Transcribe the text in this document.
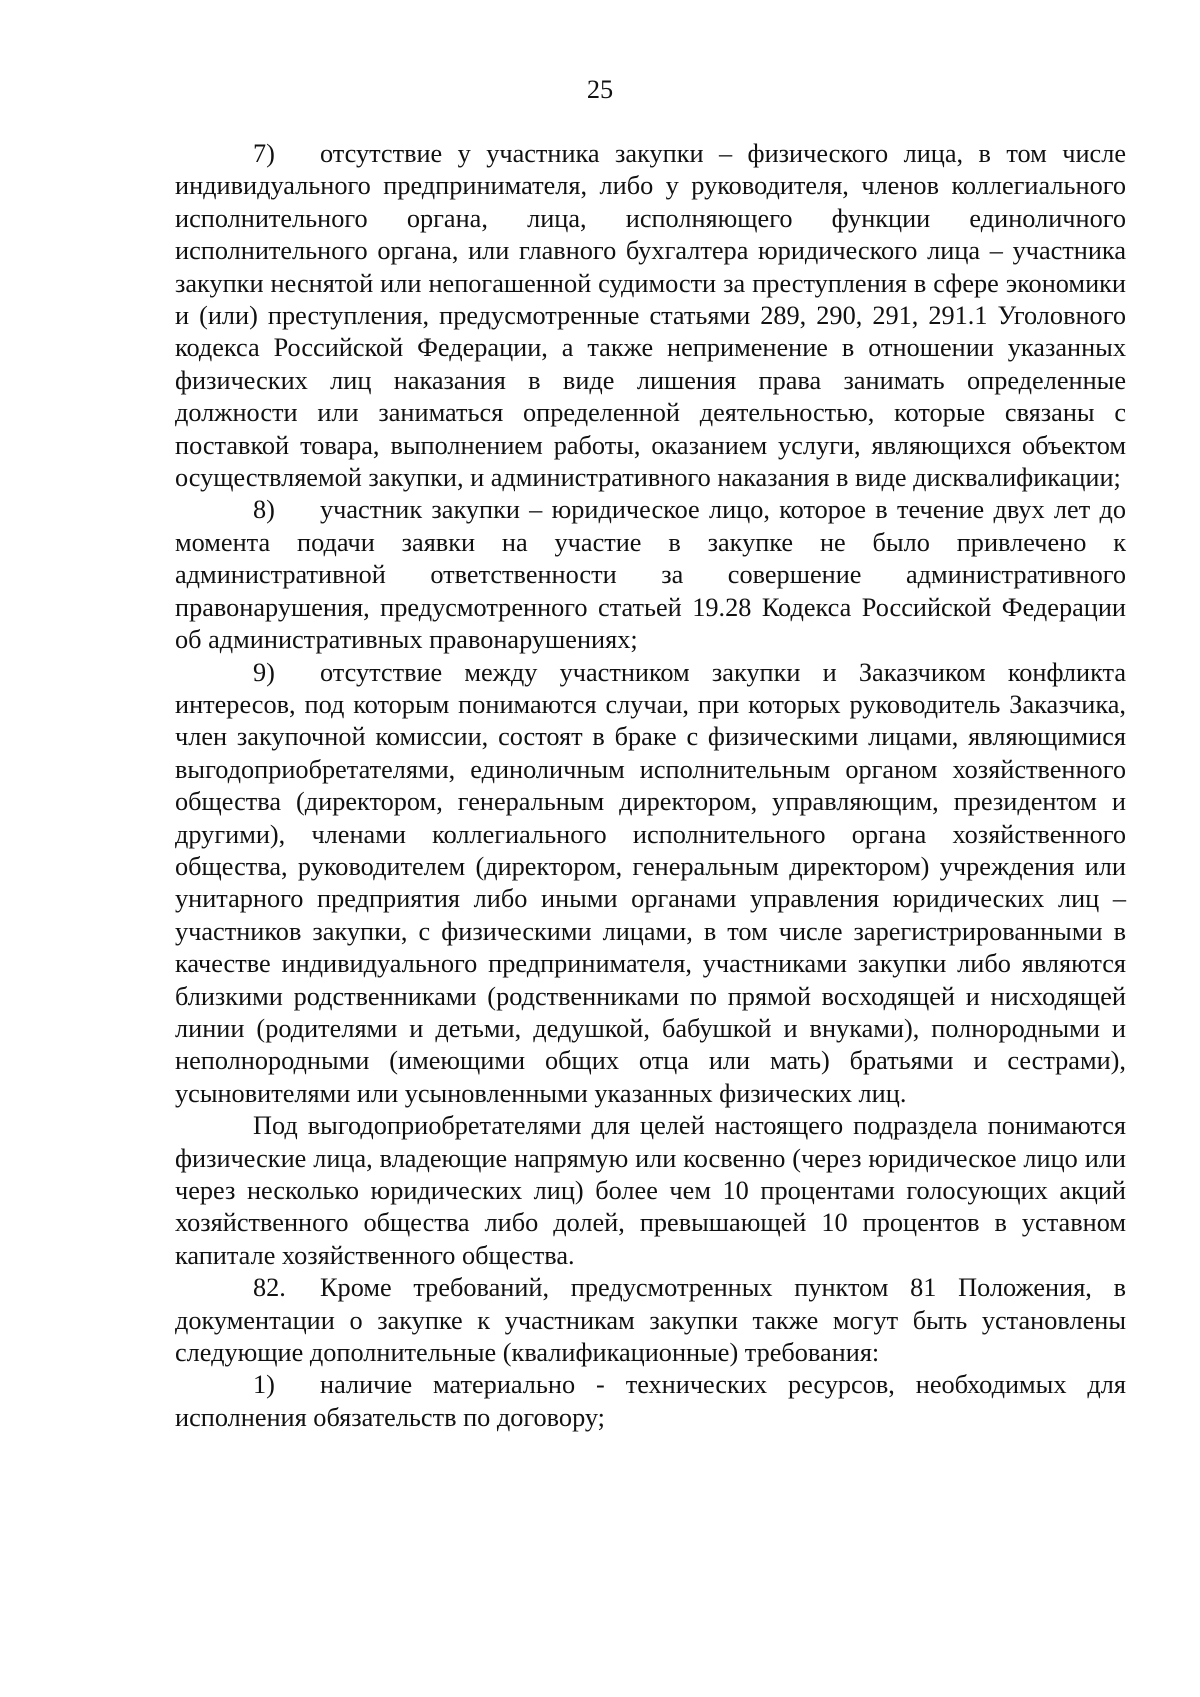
25

7) отсутствие у участника закупки – физического лица, в том числе индивидуального предпринимателя, либо у руководителя, членов коллегиального исполнительного органа, лица, исполняющего функции единоличного исполнительного органа, или главного бухгалтера юридического лица – участника закупки неснятой или непогашенной судимости за преступления в сфере экономики и (или) преступления, предусмотренные статьями 289, 290, 291, 291.1 Уголовного кодекса Российской Федерации, а также неприменение в отношении указанных физических лиц наказания в виде лишения права занимать определенные должности или заниматься определенной деятельностью, которые связаны с поставкой товара, выполнением работы, оказанием услуги, являющихся объектом осуществляемой закупки, и административного наказания в виде дисквалификации;

8) участник закупки – юридическое лицо, которое в течение двух лет до момента подачи заявки на участие в закупке не было привлечено к административной ответственности за совершение административного правонарушения, предусмотренного статьей 19.28 Кодекса Российской Федерации об административных правонарушениях;

9) отсутствие между участником закупки и Заказчиком конфликта интересов, под которым понимаются случаи, при которых руководитель Заказчика, член закупочной комиссии, состоят в браке с физическими лицами, являющимися выгодоприобретателями, единоличным исполнительным органом хозяйственного общества (директором, генеральным директором, управляющим, президентом и другими), членами коллегиального исполнительного органа хозяйственного общества, руководителем (директором, генеральным директором) учреждения или унитарного предприятия либо иными органами управления юридических лиц – участников закупки, с физическими лицами, в том числе зарегистрированными в качестве индивидуального предпринимателя, участниками закупки либо являются близкими родственниками (родственниками по прямой восходящей и нисходящей линии (родителями и детьми, дедушкой, бабушкой и внуками), полнородными и неполнородными (имеющими общих отца или мать) братьями и сестрами), усыновителями или усыновленными указанных физических лиц.

Под выгодоприобретателями для целей настоящего подраздела понимаются физические лица, владеющие напрямую или косвенно (через юридическое лицо или через несколько юридических лиц) более чем 10 процентами голосующих акций хозяйственного общества либо долей, превышающей 10 процентов в уставном капитале хозяйственного общества.

82. Кроме требований, предусмотренных пунктом 81 Положения, в документации о закупке к участникам закупки также могут быть установлены следующие дополнительные (квалификационные) требования:

1) наличие материально - технических ресурсов, необходимых для исполнения обязательств по договору;
